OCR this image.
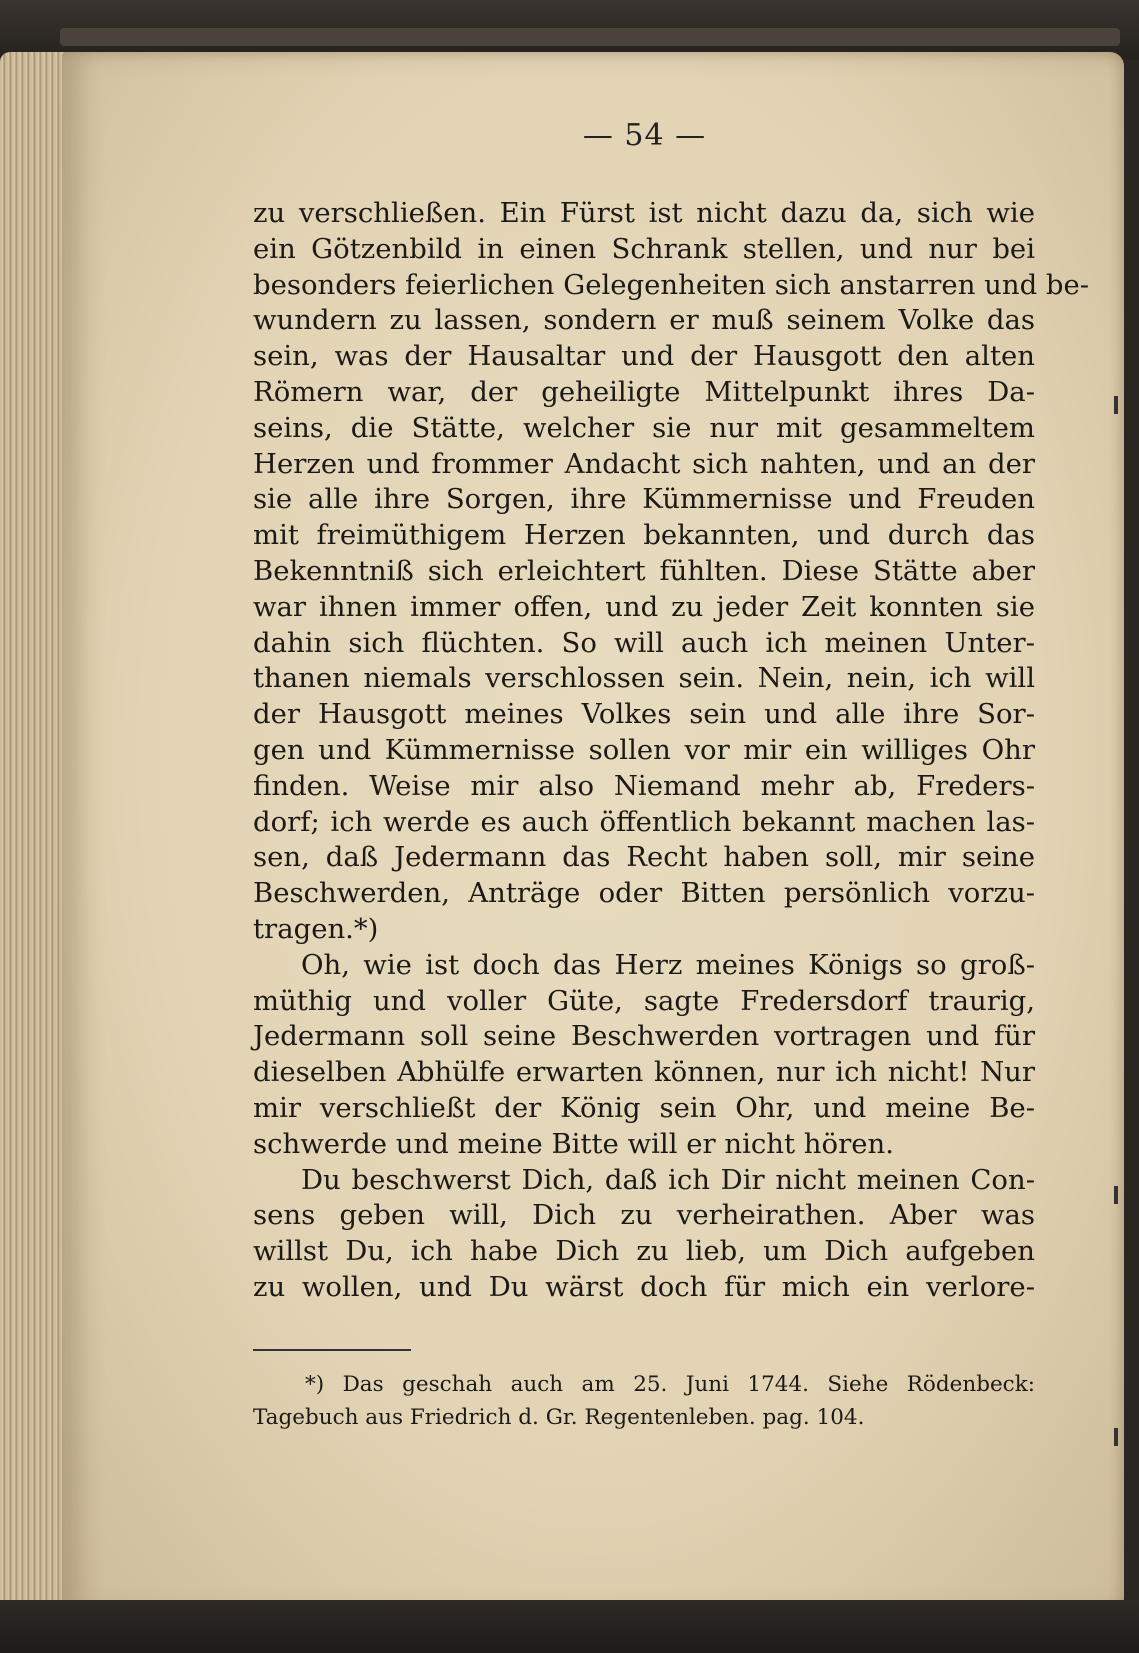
— 54 —
zu verschließen. Ein Fürst ist nicht dazu da, sich wie
ein Götzenbild in einen Schrank stellen, und nur bei
besonders feierlichen Gelegenheiten sich anstarren und be-
wundern zu lassen, sondern er muß seinem Volke das
sein, was der Hausaltar und der Hausgott den alten
Römern war, der geheiligte Mittelpunkt ihres Da-
seins, die Stätte, welcher sie nur mit gesammeltem
Herzen und frommer Andacht sich nahten, und an der
sie alle ihre Sorgen, ihre Kümmernisse und Freuden
mit freimüthigem Herzen bekannten, und durch das
Bekenntniß sich erleichtert fühlten. Diese Stätte aber
war ihnen immer offen, und zu jeder Zeit konnten sie
dahin sich flüchten. So will auch ich meinen Unter-
thanen niemals verschlossen sein. Nein, nein, ich will
der Hausgott meines Volkes sein und alle ihre Sor-
gen und Kümmernisse sollen vor mir ein williges Ohr
finden. Weise mir also Niemand mehr ab, Freders-
dorf; ich werde es auch öffentlich bekannt machen las-
sen, daß Jedermann das Recht haben soll, mir seine
Beschwerden, Anträge oder Bitten persönlich vorzu-
tragen.*)
Oh, wie ist doch das Herz meines Königs so groß-
müthig und voller Güte, sagte Fredersdorf traurig,
Jedermann soll seine Beschwerden vortragen und für
dieselben Abhülfe erwarten können, nur ich nicht! Nur
mir verschließt der König sein Ohr, und meine Be-
schwerde und meine Bitte will er nicht hören.
Du beschwerst Dich, daß ich Dir nicht meinen Con-
sens geben will, Dich zu verheirathen. Aber was
willst Du, ich habe Dich zu lieb, um Dich aufgeben
zu wollen, und Du wärst doch für mich ein verlore-
*) Das geschah auch am 25. Juni 1744. Siehe Rödenbeck:
Tagebuch aus Friedrich d. Gr. Regentenleben. pag. 104.
